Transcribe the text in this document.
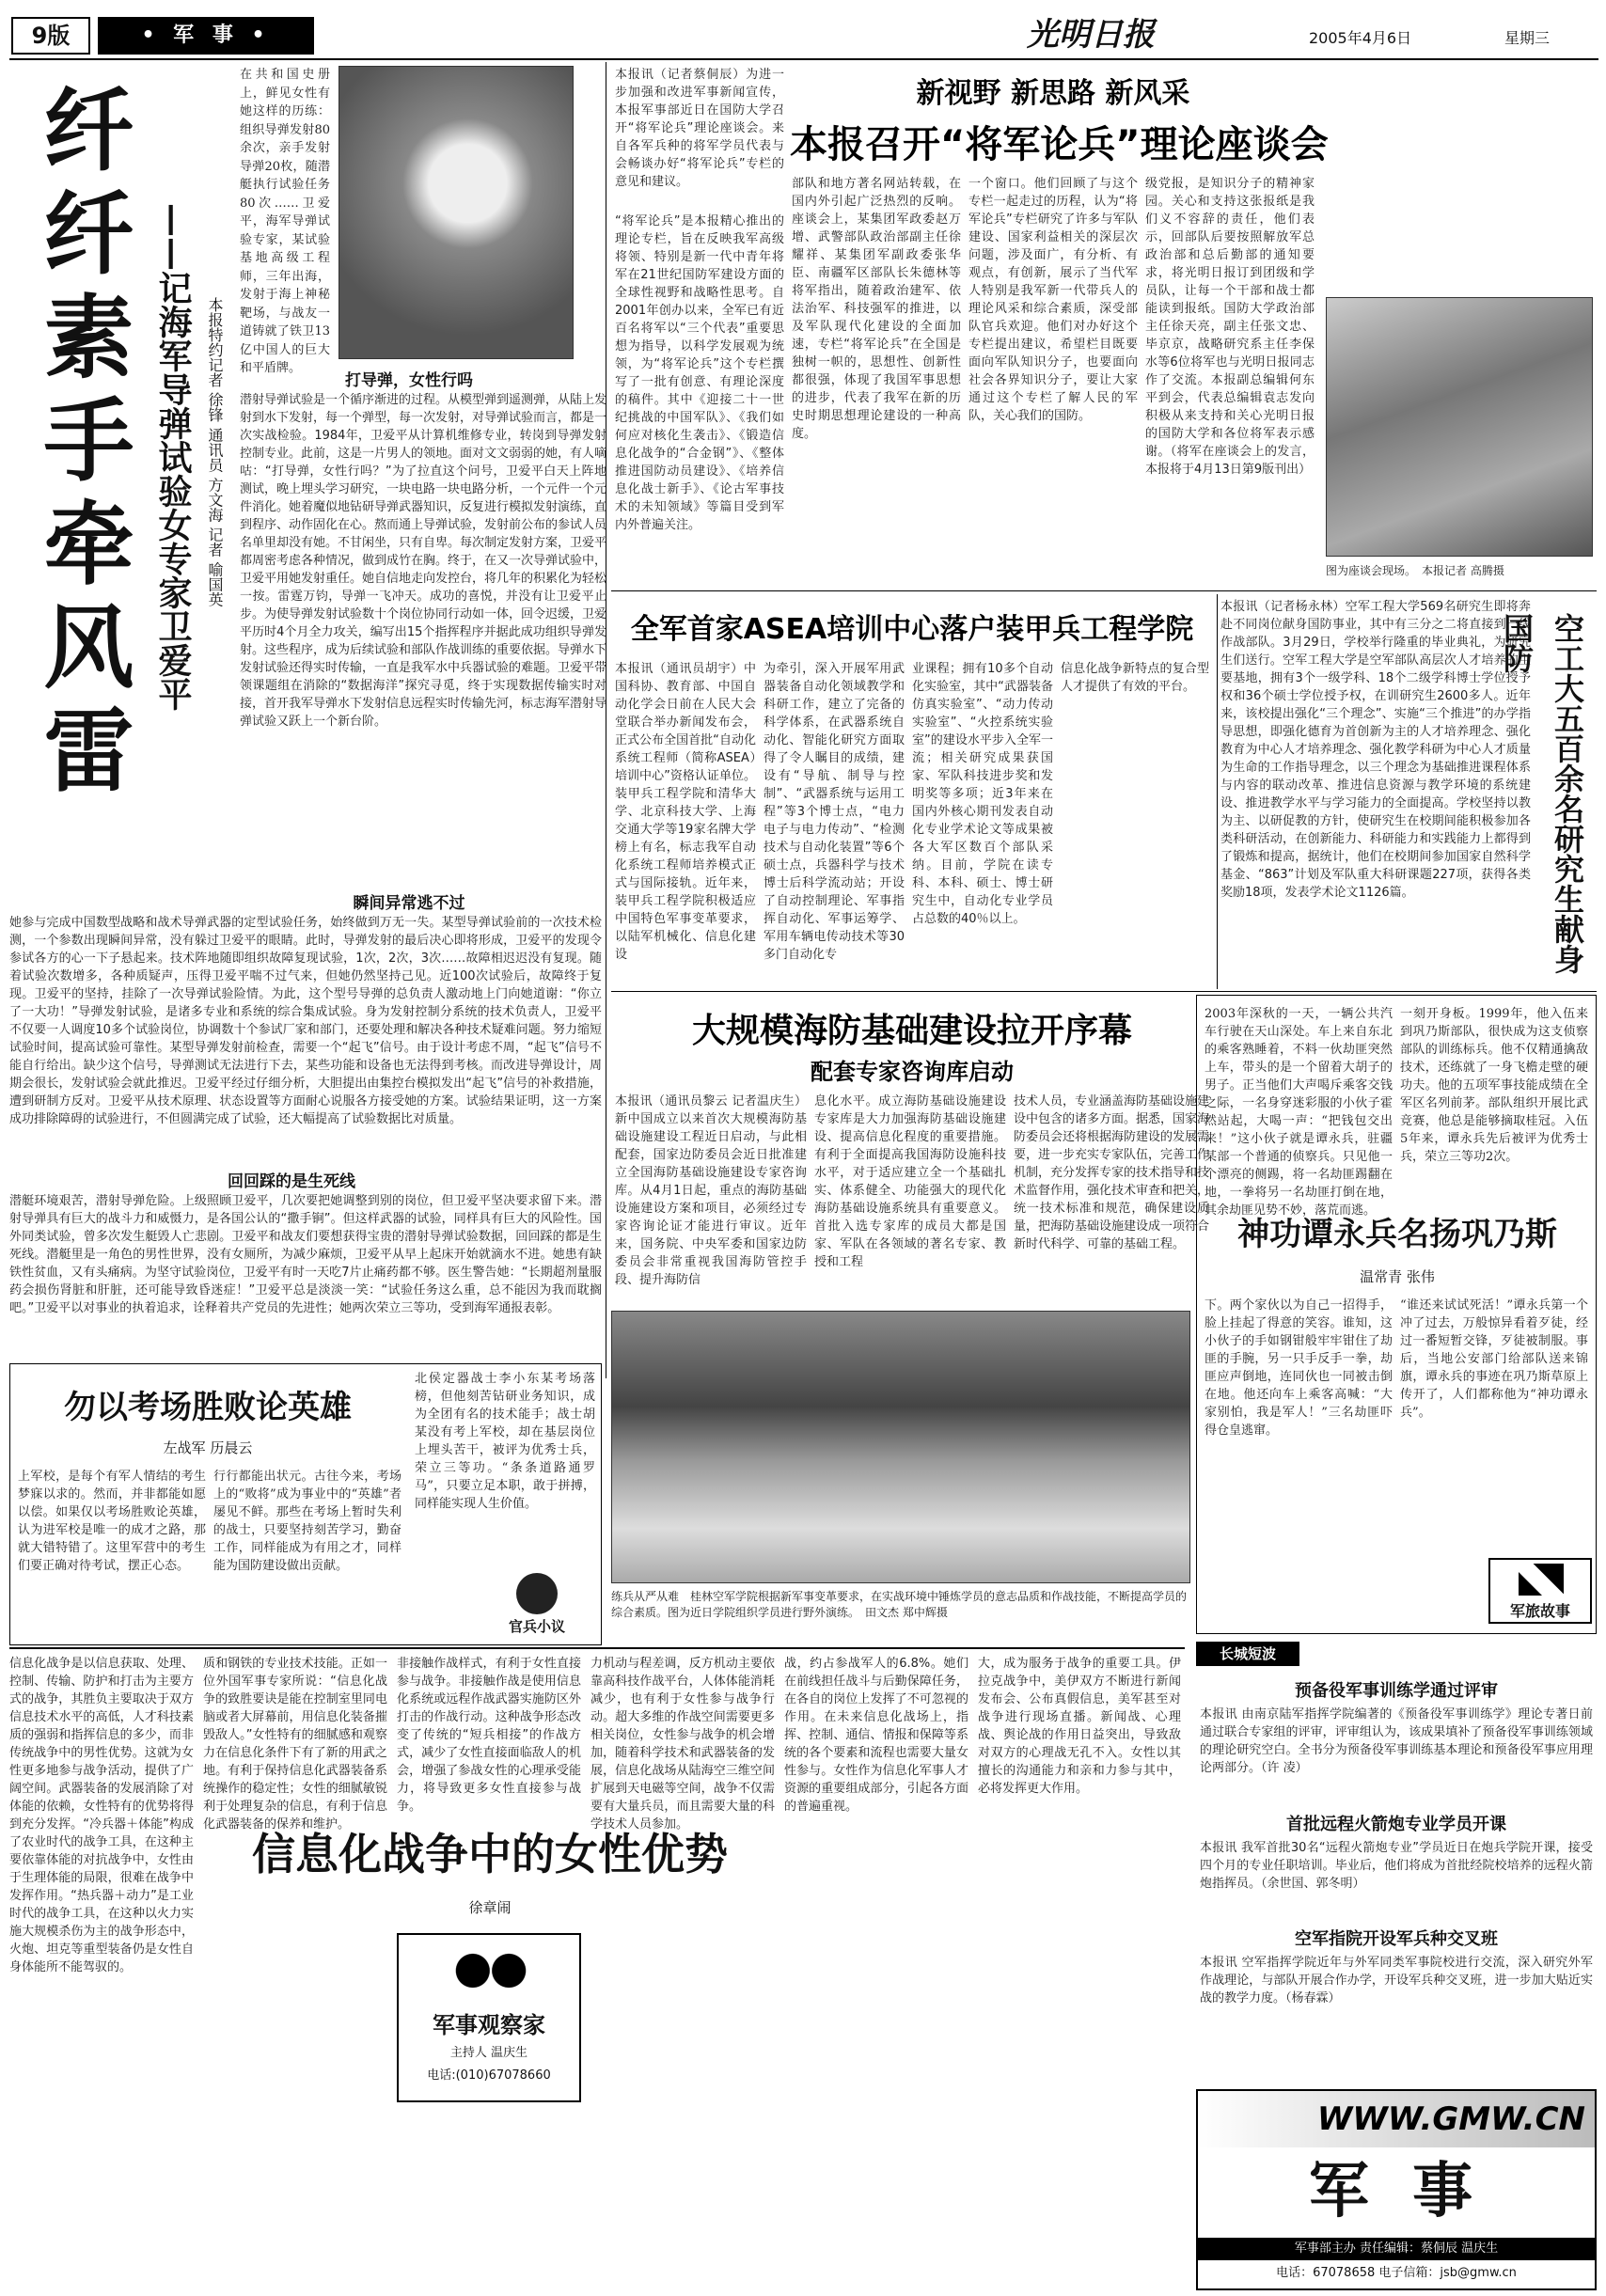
9版	• 军 事 •	光明日报	2005年4月6日	星期三
纤纤素手牵风雷 ——记海军导弹试验女专家卫爱平 本报特约记者 徐锋 通讯员 方文海 记者 喻国英
在共和国史册上，鲜见女性有她这样的历练：组织导弹发射80余次，亲手发射导弹20枚，随潜艇执行试验任务80次……卫爱平，海军导弹试验专家，某试验基地高级工程师，三年出海，发射于海上神秘靶场，与战友一道铸就了铁卫13亿中国人的巨大和平盾牌。
打导弹，女性行吗
潜射导弹试验是一个循序渐进的过程。从模型弹到遥测弹，从陆上发射到水下发射，每一个弹型，每一次发射，对导弹试验而言，都是一次实战检验。1984年，卫爱平从计算机维修专业，转岗到导弹发射控制专业。此前，这是一片男人的领地。面对文文弱弱的她，有人嘀咕：“打导弹，女性行吗？”为了拉直这个问号，卫爱平白天上阵地测试，晚上埋头学习研究，一块电路一块电路分析，一个元件一个元件消化。她着魔似地钻研导弹武器知识，反复进行模拟发射演练，直到程序、动作固化在心。熬而通上导弹试验，发射前公布的参试人员名单里却没有她。不甘闲坐，只有自卑。每次制定发射方案，卫爱平都周密考虑各种情况，做到成竹在胸。终于，在又一次导弹试验中，卫爱平用她发射重任。她自信地走向发控台，将几年的积累化为轻松一按。雷霆万钧，导弹一飞冲天。成功的喜悦，并没有让卫爱平止步。为使导弹发射试验数十个岗位协同行动如一体，回令迟缓，卫爱平历时4个月全力攻关，编写出15个指挥程序并据此成功组织导弹发射。这些程序，成为后续试验和部队作战训练的重要依据。导弹水下发射试验还得实时传输，一直是我军水中兵器试验的难题。卫爱平带领课题组在消除的“数据海洋”探究寻觅，终于实现数据传输实时对接，首开我军导弹水下发射信息远程实时传输先河，标志海军潜射导弹试验又跃上一个新台阶。
瞬间异常逃不过
她参与完成中国数型战略和战术导弹武器的定型试验任务，始终做到万无一失。某型导弹试验前的一次技术检测，一个参数出现瞬间异常，没有躲过卫爱平的眼睛。此时，导弹发射的最后决心即将形成，卫爱平的发现令参试各方的心一下子悬起来。技术阵地随即组织故障复现试验，1次，2次，3次……故障相迟迟没有复现。随着试验次数增多，各种质疑声，压得卫爱平喘不过气来，但她仍然坚持己见。近100次试验后，故障终于复现。卫爱平的坚持，挂除了一次导弹试验险情。为此，这个型号导弹的总负责人激动地上门向她道谢：“你立了一大功！”导弹发射试验，是诸多专业和系统的综合集成试验。身为发射控制分系统的技术负责人，卫爱平不仅要一人调度10多个试验岗位，协调数十个参试厂家和部门，还要处理和解决各种技术疑难问题。努力缩短试验时间，提高试验可靠性。某型导弹发射前检查，需要一个“起飞”信号。由于设计考虑不周，“起飞”信号不能自行给出。缺少这个信号，导弹测试无法进行下去，某些功能和设备也无法得到考核。而改进导弹设计，周期会很长，发射试验会就此推迟。卫爱平经过仔细分析，大胆提出由集控台模拟发出“起飞”信号的补救措施，遭到研制方反对。卫爱平从技术原理、状态设置等方面耐心说服各方接受她的方案。试验结果证明，这一方案成功排除障碍的试验进行，不但圆满完成了试验，还大幅提高了试验数据比对质量。
回回踩的是生死线
潜艇环境艰苦，潜射导弹危险。上级照顾卫爱平，几次要把她调整到别的岗位，但卫爱平坚决要求留下来。潜射导弹具有巨大的战斗力和威慑力，是各国公认的“撒手锏”。但这样武器的试验，同样具有巨大的风险性。国外同类试验，曾多次发生艇毁人亡悲剧。卫爱平和战友们要想获得宝贵的潜射导弹试验数据，回回踩的都是生死线。潜艇里是一角色的男性世界，没有女厕所，为减少麻烦，卫爱平从早上起床开始就滴水不进。她患有缺铁性贫血，又有头痛病。为坚守试验岗位，卫爱平有时一天吃7片止痛药都不够。医生警告她：“长期超剂量服药会损伤肾脏和肝脏，还可能导致昏迷症！”卫爱平总是淡淡一笑：“试验任务这么重，总不能因为我而耽搁吧。”卫爱平以对事业的执着追求，诠释着共产党员的先进性；她两次荣立三等功，受到海军通报表彰。
本报讯（记者蔡侗辰）为进一步加强和改进军事新闻宣传，本报军事部近日在国防大学召开“将军论兵”理论座谈会。来自各军兵种的将军学员代表与会畅谈办好“将军论兵”专栏的意见和建议。
新视野 新思路 新风采
本报召开“将军论兵”理论座谈会
“将军论兵”是本报精心推出的理论专栏，旨在反映我军高级将领、特别是新一代中青年将军在21世纪国防军建设方面的全球性视野和战略性思考。自2001年创办以来，全军已有近百名将军以“三个代表”重要思想为指导，以科学发展观为统领，为“将军论兵”这个专栏撰写了一批有创意、有理论深度的稿件。其中《迎接二十一世纪挑战的中国军队》、《我们如何应对核化生袭击》、《锻造信息化战争的“合金钢”》、《整体推进国防动员建设》、《培养信息化战士新手》、《论古军事技术的未知领域》等篇目受到军内外普遍关注。
部队和地方著名网站转载，在国内外引起广泛热烈的反响。座谈会上，某集团军政委赵万增、武警部队政治部副主任徐耀祥、某集团军副政委张华臣、南疆军区部队长朱德林等将军指出，随着政治建军、依法治军、科技强军的推进，以及军队现代化建设的全面加速，专栏“将军论兵”在全国是独树一帜的，思想性、创新性都很强，体现了我国军事思想的进步，代表了我军在新的历史时期思想理论建设的一种高度。
一个窗口。他们回顾了与这个专栏一起走过的历程，认为“将军论兵”专栏研究了许多与军队建设、国家利益相关的深层次问题，涉及面广，有分析、有观点，有创新，展示了当代军人特别是我军新一代带兵人的理论风采和综合素质，深受部队官兵欢迎。他们对办好这个专栏提出建议，希望栏目既要面向军队知识分子，也要面向社会各界知识分子，要让大家通过这个专栏了解人民的军队，关心我们的国防。
级党报，是知识分子的精神家园。关心和支持这张报纸是我们义不容辞的责任，他们表示，回部队后要按照解放军总政治部和总后勤部的通知要求，将光明日报订到团级和学员队，让每一个干部和战士都能读到报纸。国防大学政治部主任徐天亮，副主任张文忠、毕京京，战略研究系主任李保水等6位将军也与光明日报同志作了交流。本报副总编辑何东平到会，代表总编辑袁志发向积极从来支持和关心光明日报的国防大学和各位将军表示感谢。（将军在座谈会上的发言，本报将于4月13日第9版刊出）
图为座谈会现场。　本报记者 高腾摄
全军首家ASEA培训中心落户装甲兵工程学院
本报讯（通讯员胡宇）中国科协、教育部、中国自动化学会日前在人民大会堂联合举办新闻发布会，正式公布全国首批“自动化系统工程师（简称ASEA）培训中心”资格认证单位。装甲兵工程学院和清华大学、北京科技大学、上海交通大学等19家名牌大学榜上有名，标志我军自动化系统工程师培养模式正式与国际接轨。近年来，装甲兵工程学院积极适应中国特色军事变革要求，以陆军机械化、信息化建设
为牵引，深入开展军用武器装备自动化领域教学和科研工作，建立了完备的科学体系，在武器系统自动化、智能化研究方面取得了令人瞩目的成绩，建设有“导航、制导与控制”、“武器系统与运用工程”等3个博士点，“电力电子与电力传动”、“检测技术与自动化装置”等6个硕士点，兵器科学与技术博士后科学流动站；开设了自动控制理论、军事指挥自动化、军事运筹学、军用车辆电传动技术等30多门自动化专
业课程；拥有10多个自动化实验室，其中“武器装备仿真实验室”、“动力传动实验室”、“火控系统实验室”的建设水平步入全军一流；相关研究成果获国家、军队科技进步奖和发明奖等多项；近3年来在国内外核心期刊发表自动化专业学术论文等成果被各大军区数百个部队采纳。目前，学院在读专科、本科、硕士、博士研究生中，自动化专业学员占总数的40％以上。
信息化战争新特点的复合型人才提供了有效的平台。
本报讯（记者杨永林）空军工程大学569名研究生即将奔赴不同岗位献身国防事业，其中有三分之二将直接到一线作战部队。3月29日，学校举行隆重的毕业典礼，为研究生们送行。空军工程大学是空军部队高层次人才培养的主要基地，拥有3个一级学科、18个二级学科博士学位授予权和36个硕士学位授予权，在训研究生2600多人。近年来，该校提出强化“三个理念”、实施“三个推进”的办学指导思想，即强化德育为首创新为主的人才培养理念、强化教育为中心人才培养理念、强化教学科研为中心人才质量为生命的工作指导理念，以三个理念为基础推进课程体系与内容的联动改革、推进信息资源与教学环境的系统建设、推进教学水平与学习能力的全面提高。学校坚持以教为主、以研促教的方针，使研究生在校期间能积极参加各类科研活动，在创新能力、科研能力和实践能力上都得到了锻炼和提高，据统计，他们在校期间参加国家自然科学基金、“863”计划及军队重大科研课题227项，获得各类奖励18项，发表学术论文1126篇。	空工大五百余名研究生献身国防
大规模海防基础建设拉开序幕
配套专家咨询库启动
本报讯（通讯员黎云 记者温庆生）新中国成立以来首次大规模海防基础设施建设工程近日启动，与此相配套，国家边防委员会近日批准建立全国海防基础设施建设专家咨询库。从4月1日起，重点的海防基础设施建设方案和项目，必须经过专家咨询论证才能进行审议。近年来，国务院、中央军委和国家边防委员会非常重视我国海防管控手段、提升海防信
息化水平。成立海防基础设施建设专家库是大力加强海防基础设施建设、提高信息化程度的重要措施。有利于全面提高我国海防设施科技水平，对于适应建立全一个基础扎实、体系健全、功能强大的现代化海防基础设施系统具有重要意义。首批入选专家库的成员大都是国家、军队在各领域的著名专家、教授和工程
技术人员，专业涵盖海防基础设施建设中包含的诸多方面。据悉，国家海防委员会还将根据海防建设的发展需要，进一步充实专家队伍，完善工作机制，充分发挥专家的技术指导和技术监督作用，强化技术审查和把关，统一技术标准和规范，确保建设质量，把海防基础设施建设成一项符合新时代科学、可靠的基础工程。
2003年深秋的一天，一辆公共汽车行驶在天山深处。车上来自东北的乘客熟睡着，不料一伙劫匪突然上车，带头的是一个留着大胡子的男子。正当他们大声喝斥乘客交钱之际，一名身穿迷彩服的小伙子霍然站起，大喝一声：“把钱包交出来！”这小伙子就是谭永兵，驻疆某部一个普通的侦察兵。只见他一个漂亮的侧踢，将一名劫匪踢翻在地，一拳将另一名劫匪打倒在地，其余劫匪见势不妙，落荒而逃。
一刻开身板。1999年，他入伍来到巩乃斯部队，很快成为这支侦察部队的训练标兵。他不仅精通擒敌技术，还练就了一身飞檐走壁的硬功夫。他的五项军事技能成绩在全军区名列前茅。部队组织开展比武竞赛，他总是能够摘取桂冠。入伍5年来，谭永兵先后被评为优秀士兵，荣立三等功2次。
神功谭永兵名扬巩乃斯
温常青 张伟
下。两个家伙以为自己一招得手，脸上挂起了得意的笑容。谁知，这小伙子的手如钢钳般牢牢钳住了劫匪的手腕，另一只手反手一拳，劫匪应声倒地，连同伙也一同被击倒在地。他还向车上乘客高喊：“大家别怕，我是军人！”三名劫匪吓得仓皇逃窜。
“谁还来试试死活！”谭永兵第一个冲了过去，万般惊异看着歹徒，经过一番短暂交锋，歹徒被制服。事后，当地公安部门给部队送来锦旗，谭永兵的事迹在巩乃斯草原上传开了，人们都称他为“神功谭永兵”。
军旅故事
勿以考场胜败论英雄
左战军 历晨云
上军校，是每个有军人情结的考生梦寐以求的。然而，并非都能如愿以偿。如果仅以考场胜败论英雄，认为进军校是唯一的成才之路，那就大错特错了。这里军营中的考生们要正确对待考试，摆正心态。
行行都能出状元。古往今来，考场上的“败将”成为事业中的“英雄”者屡见不鲜。那些在考场上暂时失利的战士，只要坚持刻苦学习，勤奋工作，同样能成为有用之才，同样能为国防建设做出贡献。
北侯定器战士李小东某考场落榜，但他刻苦钻研业务知识，成为全团有名的技术能手；战士胡某没有考上军校，却在基层岗位上埋头苦干，被评为优秀士兵，荣立三等功。“条条道路通罗马”，只要立足本职，敢于拼搏，同样能实现人生价值。
官兵小议
练兵从严从难　桂林空军学院根据新军事变革要求，在实战环境中锤炼学员的意志品质和作战技能，不断提高学员的综合素质。图为近日学院组织学员进行野外演练。　田文杰 郑中辉摄
信息化战争是以信息获取、处理、控制、传输、防护和打击为主要方式的战争，其胜负主要取决于双方信息技术水平的高低，人才科技素质的强弱和指挥信息的多少，而非传统战争中的男性优势。这就为女性更多地参与战争活动，提供了广阔空间。武器装备的发展消除了对体能的依赖，女性特有的优势将得到充分发挥。“冷兵器＋体能”构成了农业时代的战争工具，在这种主要依靠体能的对抗战争中，女性由于生理体能的局限，很难在战争中发挥作用。“热兵器＋动力”是工业时代的战争工具，在这种以火力实施大规模杀伤为主的战争形态中，火炮、坦克等重型装备仍是女性自身体能所不能驾驭的。
质和钢铁的专业技术技能。正如一位外国军事专家所说：“信息化战争的致胜要诀是能在控制室里同电脑或者大屏幕前，用信息化装备摧毁敌人。”女性特有的细腻感和观察力在信息化条件下有了新的用武之地。有利于保持信息化武器装备系统操作的稳定性；女性的细腻敏锐利于处理复杂的信息，有利于信息化武器装备的保养和维护。
非接触作战样式，有利于女性直接参与战争。非接触作战是使用信息化系统或远程作战武器实施防区外打击的作战行动。这种战争形态改变了传统的“短兵相接”的作战方式，减少了女性直接面临敌人的机会，增强了参战女性的心理承受能力，将导致更多女性直接参与战争。
力机动与程差调，反方机动主要依靠高科技作战平台，人体体能消耗减少，也有利于女性参与战争行动。超大多维的作战空间需要更多相关岗位，女性参与战争的机会增加，随着科学技术和武器装备的发展，信息化战场从陆海空三维空间扩展到天电磁等空间，战争不仅需要有大量兵员，而且需要大量的科学技术人员参加。
战，约占参战军人的6.8%。她们在前线担任战斗与后勤保障任务，在各自的岗位上发挥了不可忽视的作用。在未来信息化战场上，指挥、控制、通信、情报和保障等系统的各个要素和流程也需要大量女性参与。女性作为信息化军事人才资源的重要组成部分，引起各方面的普遍重视。
大，成为服务于战争的重要工具。伊拉克战争中，美伊双方不断进行新闻发布会、公布真假信息，美军甚至对战争进行现场直播。新闻战、心理战、舆论战的作用日益突出，导致敌对双方的心理战无孔不入。女性以其擅长的沟通能力和亲和力参与其中，必将发挥更大作用。
信息化战争中的女性优势
徐章闹
军事观察家
主持人 温庆生
电话:(010)67078660
长城短波
预备役军事训练学通过评审
本报讯 由南京陆军指挥学院编著的《预备役军事训练学》理论专著日前通过联合专家组的评审，评审组认为，该成果填补了预备役军事训练领域的理论研究空白。全书分为预备役军事训练基本理论和预备役军事应用理论两部分。（许 凌）
首批远程火箭炮专业学员开课
本报讯 我军首批30名“远程火箭炮专业”学员近日在炮兵学院开课，接受四个月的专业任职培训。毕业后，他们将成为首批经院校培养的远程火箭炮指挥员。（余世国、郭冬明）
空军指院开设军兵种交叉班
本报讯 空军指挥学院近年与外军同类军事院校进行交流，深入研究外军作战理论，与部队开展合作办学，开设军兵种交叉班，进一步加大贴近实战的教学力度。（杨春霖）
WWW.GMW.CN
军 事
军事部主办 责任编辑：蔡侗辰 温庆生
电话：67078658 电子信箱：jsb@gmw.cn
